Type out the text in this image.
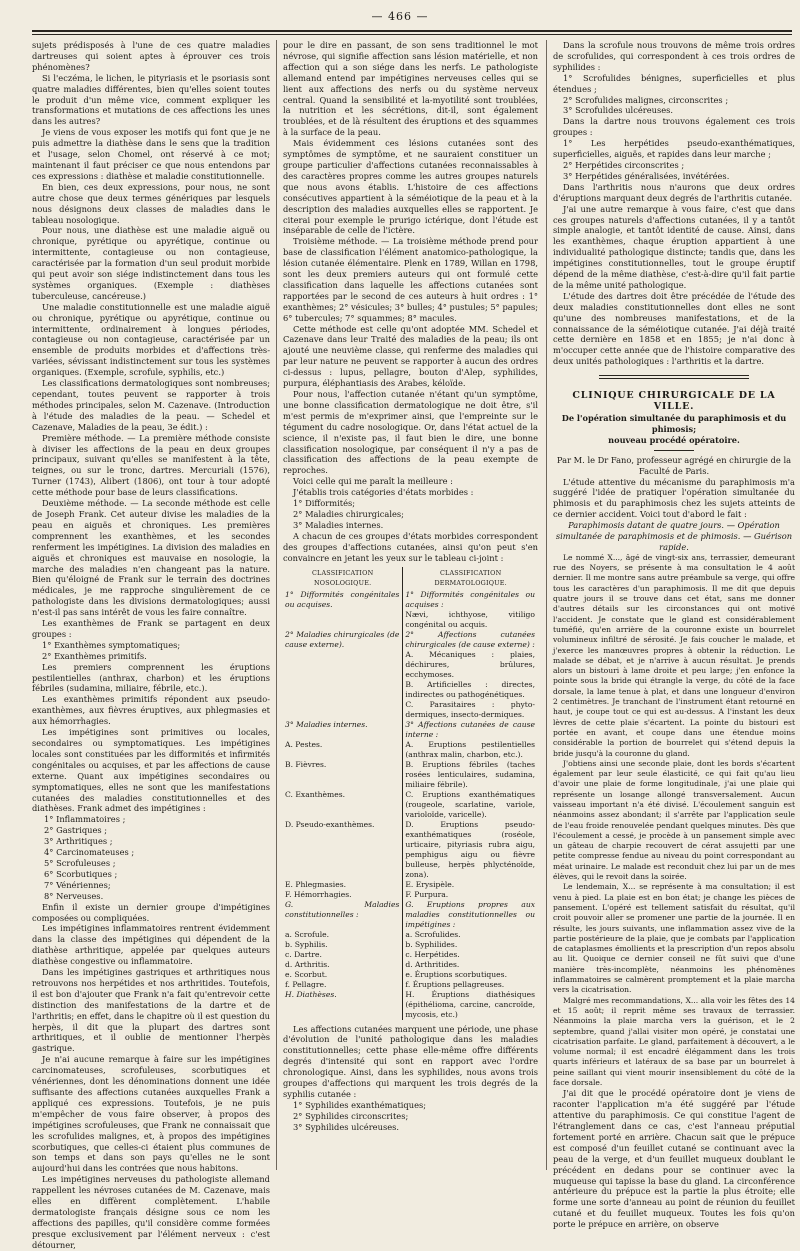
— 466 —

sujets prédisposés à l'une de ces quatre maladies dartreuses qui soient aptes à éprouver ces trois phénomènes?

Si l'eczéma, le lichen, le pityriasis et le psoriasis sont quatre maladies différentes, bien qu'elles soient toutes le produit d'un même vice, comment expliquer les transformations et mutations de ces affections les unes dans les autres?

Je viens de vous exposer les motifs qui font que je ne puis admettre la diathèse dans le sens que la tradition et l'usage, selon Chomel, ont réservé à ce mot; maintenant il faut préciser ce que nous entendons par ces expressions : diathèse et maladie constitutionnelle.

En bien, ces deux expressions, pour nous, ne sont autre chose que deux termes génériques par lesquels nous désignons deux classes de maladies dans le tableau nosologique.

Pour nous, une diathèse est une maladie aiguë ou chronique, pyrétique ou apyrétique, continue ou intermittente, contagieuse ou non contagieuse, caractérisée par la formation d'un seul produit morbide qui peut avoir son siége indistinctement dans tous les systèmes organiques. (Exemple : diathèses tuberculeuse, cancéreuse.)

Une maladie constitutionnelle est une maladie aiguë ou chronique, pyrétique ou apyrétique, continue ou intermittente, ordinairement à longues périodes, contagieuse ou non contagieuse, caractérisée par un ensemble de produits morbides et d'affections très-variées, sévissant indistinctement sur tous les systèmes organiques. (Exemple, scrofule, syphilis, etc.)

Les classifications dermatologiques sont nombreuses; cependant, toutes peuvent se rapporter à trois méthodes principales, selon M. Cazenave. (Introduction à l'étude des maladies de la peau. — Schedel et Cazenave, Maladies de la peau, 3e édit.) :

Première méthode. — La première méthode consiste à diviser les affections de la peau en deux groupes principaux, suivant qu'elles se manifestent à la tête, teignes, ou sur le tronc, dartres. Mercuriali (1576), Turner (1743), Alibert (1806), ont tour à tour adopté cette méthode pour base de leurs classifications.

Deuxième méthode. — La seconde méthode est celle de Joseph Frank. Cet auteur divise les maladies de la peau en aiguës et chroniques. Les premières comprennent les exanthèmes, et les secondes renferment les impétigines. La division des maladies en aiguës et chroniques est mauvaise en nosologie, la marche des maladies n'en changeant pas la nature. Bien qu'éloigné de Frank sur le terrain des doctrines médicales, je me rapproche singulièrement de ce pathologiste dans les divisions dermatologiques; aussi n'est-il pas sans intérêt de vous les faire connaître.

Les exanthèmes de Frank se partagent en deux groupes :

1° Exanthèmes symptomatiques;

2° Exanthèmes primitifs.

Les premiers comprennent les éruptions pestilentielles (anthrax, charbon) et les éruptions fébriles (sudamina, miliaire, fébrile, etc.).

Les exanthèmes primitifs répondent aux pseudo-exanthèmes, aux fièvres éruptives, aux phlegmasies et aux hémorrhagies.

Les impétigines sont primitives ou locales, secondaires ou symptomatiques. Les impétigines locales sont constituées par les difformités et infirmités congénitales ou acquises, et par les affections de cause externe. Quant aux impétigines secondaires ou symptomatiques, elles ne sont que les manifestations cutanées des maladies constitutionnelles et des diathèses. Frank admet des impétigines :

1° Inflammatoires ;

2° Gastriques ;

3° Arthritiques ;

4° Carcinomateuses ;

5° Scrofuleuses ;

6° Scorbutiques ;

7° Vénériennes;

8° Nerveuses.

Enfin il existe un dernier groupe d'impétigines composées ou compliquées.

Les impétigines inflammatoires rentrent évidemment dans la classe des impétigines qui dépendent de la diathèse arthritique, appelée par quelques auteurs diathèse congestive ou inflammatoire.

Dans les impétigines gastriques et arthritiques nous retrouvons nos herpétides et nos arthritides. Toutefois, il est bon d'ajouter que Frank n'a fait qu'entrevoir cette distinction des manifestations de la dartre et de l'arthritis; en effet, dans le chapitre où il est question du herpès, il dit que la plupart des dartres sont arthritiques, et il oublie de mentionner l'herpès gastrique.

Je n'ai aucune remarque à faire sur les impétigines carcinomateuses, scrofuleuses, scorbutiques et vénériennes, dont les dénominations donnent une idée suffisante des affections cutanées auxquelles Frank a appliqué ces expressions. Toutefois, je ne puis m'empêcher de vous faire observer, à propos des impétigines scrofuleuses, que Frank ne connaissait que les scrofulides malignes, et, à propos des impétigines scorbutiques, que celles-ci étaient plus communes de son temps et dans son pays qu'elles ne le sont aujourd'hui dans les contrées que nous habitons.

Les impétigines nerveuses du pathologiste allemand rappellent les névroses cutanées de M. Cazenave, mais elles en diffèrent complètement. L'habile dermatologiste français désigne sous ce nom les affections des papilles, qu'il considère comme formées presque exclusivement par l'élément nerveux : c'est détourner,

pour le dire en passant, de son sens traditionnel le mot névrose, qui signifie affection sans lésion matérielle, et non affection qui a son siége dans les nerfs. Le pathologiste allemand entend par impétigines nerveuses celles qui se lient aux affections des nerfs ou du système nerveux central. Quand la sensibilité et la-myotilité sont troublées, la nutrition et les sécrétions, dit-il, sont également troublées, et de là résultent des éruptions et des squammes à la surface de la peau.

Mais évidemment ces lésions cutanées sont des symptômes de symptôme, et ne sauraient constituer un groupe particulier d'affections cutanées reconnaissables à des caractères propres comme les autres groupes naturels que nous avons établis. L'histoire de ces affections consécutives appartient à la séméiotique de la peau et à la description des maladies auxquelles elles se rapportent. Je citerai pour exemple le prurigo ictérique, dont l'étude est inséparable de celle de l'ictère.

Troisième méthode. — La troisième méthode prend pour base de classification l'élément anatomico-pathologique, la lésion cutanée élémentaire. Plenk en 1789, Willan en 1798, sont les deux premiers auteurs qui ont formulé cette classification dans laquelle les affections cutanées sont rapportées par le second de ces auteurs à huit ordres : 1° exanthèmes; 2° vésicules; 3° bulles; 4° pustules; 5° papules; 6° tubercules; 7° squammes; 8° macules.

Cette méthode est celle qu'ont adoptée MM. Schedel et Cazenave dans leur Traité des maladies de la peau; ils ont ajouté une neuvième classe, qui renferme des maladies qui par leur nature ne peuvent se rapporter à aucun des ordres ci-dessus : lupus, pellagre, bouton d'Alep, syphilides, purpura, éléphantiasis des Arabes, kéloïde.

Pour nous, l'affection cutanée n'étant qu'un symptôme, une bonne classification dermatologique ne doit être, s'il m'est permis de m'exprimer ainsi, que l'empreinte sur le tégument du cadre nosologique. Or, dans l'état actuel de la science, il n'existe pas, il faut bien le dire, une bonne classification nosologique, par conséquent il n'y a pas de classification des affections de la peau exempte de reproches.

Voici celle qui me paraît la meilleure :

J'établis trois catégories d'états morbides :

1° Difformités;

2° Maladies chirurgicales;

3° Maladies internes.

A chacun de ces groupes d'états morbides correspondent des groupes d'affections cutanées, ainsi qu'on peut s'en convaincre en jetant les yeux sur le tableau ci-joint :

CLASSIFICATION NOSOLOGIQUE.	CLASSIFICATION DERMATOLOGIQUE.
1° Difformités congénitales ou acquises.	1° Difformités congénitales ou acquises :
Nævi, ichthyose, vitiligo congénital ou acquis.

2° Maladies chirurgicales (de cause externe).	2° Affections cutanées chirurgicales (de cause externe) :
A. Mécaniques : plaies, déchirures, brûlures, ecchymoses.
B. Artificielles : directes, indirectes ou pathogénétiques.
C. Parasitaires : phyto-dermiques, insecto-dermiques.

3° Maladies internes.	3° Affections cutanées de cause interne :
A. Pestes.	A. Eruptions pestilentielles (anthrax malin, charbon, etc.).
B. Fièvres.	B. Eruptions fébriles (taches rosées lenticulaires, sudamina, miliaire fébrile).
C. Exanthèmes.	C. Eruptions exanthématiques (rougeole, scarlatine, variole, varioloïde, varicelle).
D. Pseudo-exanthèmes.	D. Eruptions pseudo-exanthématiques (roséole, urticaire, pityriasis rubra aigu, pemphigus aigu ou fièvre bulleuse, herpès phlycténoïde, zona).
E. Phlegmasies.	E. Erysipèle.
F. Hémorrhagies.	F. Purpura.
G. Maladies constitutionnelles :	G. Eruptions propres aux maladies constitutionnelles ou impétigines :
a. Scrofule.	a. Scrofulides.
b. Syphilis.	b. Syphilides.
c. Dartre.	c. Herpétides.
d. Arthritis.	d. Arthritides.
e. Scorbut.	e. Éruptions scorbutiques.
f. Pellagre.	f. Éruptions pellagreuses.
H. Diathèses.	H. Éruptions diathésiques (épithélioma, carcine, cancroïde, mycosis, etc.)

Les affections cutanées marquent une période, une phase d'évolution de l'unité pathologique dans les maladies constitutionnelles; cette phase elle-même offre différents degrés d'intensité qui sont en rapport avec l'ordre chronologique. Ainsi, dans les syphilides, nous avons trois groupes d'affections qui marquent les trois degrés de la syphilis cutanée :

1° Syphilides exanthématiques;

2° Syphilides circonscrites;

3° Syphilides ulcéreuses.

Dans la scrofule nous trouvons de même trois ordres de scrofulides, qui correspondent à ces trois ordres de syphilides :

1° Scrofulides bénignes, superficielles et plus étendues ;

2° Scrofulides malignes, circonscrites ;

3° Scrofulides ulcéreuses.

Dans la dartre nous trouvons également ces trois groupes :

1° Les herpétides pseudo-exanthématiques, superficielles, aiguës, et rapides dans leur marche ;

2° Herpétides circonscrites ;

3° Herpétides généralisées, invétérées.

Dans l'arthritis nous n'aurons que deux ordres d'éruptions marquant deux degrés de l'arthritis cutanée.

J'ai une autre remarque à vous faire, c'est que dans ces groupes naturels d'affections cutanées, il y a tantôt simple analogie, et tantôt identité de cause. Ainsi, dans les exanthèmes, chaque éruption appartient à une individualité pathologique distincte; tandis que, dans les impétigines constitutionnelles, tout le groupe éruptif dépend de la même diathèse, c'est-à-dire qu'il fait partie de la même unité pathologique.

L'étude des dartres doit être précédée de l'étude des deux maladies constitutionnelles dont elles ne sont qu'une des nombreuses manifestations, et de la connaissance de la séméiotique cutanée. J'ai déjà traité cette dernière en 1858 et en 1855; je n'ai donc à m'occuper cette année que de l'histoire comparative des deux unités pathologiques : l'arthritis et la dartre.

CLINIQUE CHIRURGICALE DE LA VILLE.
De l'opération simultanée du paraphimosis et du phimosis;
nouveau procédé opératoire.

Par M. le Dr Fano, professeur agrégé en chirurgie de la Faculté de Paris.

L'étude attentive du mécanisme du paraphimosis m'a suggéré l'idée de pratiquer l'opération simultanée du phimosis et du paraphimosis chez les sujets atteints de ce dernier accident. Voici tout d'abord le fait :

Paraphimosis datant de quatre jours. — Opération simultanée de paraphimosis et de phimosis. — Guérison rapide.

Le nommé X..., âgé de vingt-six ans, terrassier, demeurant rue des Noyers, se présente à ma consultation le 4 août dernier. Il me montre sans autre préambule sa verge, qui offre tous les caractères d'un paraphimosis. Il me dit que depuis quatre jours il se trouve dans cet état, sans me donner d'autres détails sur les circonstances qui ont motivé l'accident. Je constate que le gland est considérablement tuméfié, qu'en arrière de la couronne existe un bourrelet volumineux infiltré de sérosité. Je fais coucher le malade, et j'exerce les manœuvres propres à obtenir la réduction. Le malade se débat, et je n'arrive à aucun résultat. Je prends alors un bistouri à lame droite et peu large; j'en enfonce la pointe sous la bride qui étrangle la verge, du côté de la face dorsale, la lame tenue à plat, et dans une longueur d'environ 2 centimètres. Je tranchant de l'instrument étant retourné en haut, je coupe tout ce qui est au-dessus. A l'instant les deux lèvres de cette plaie s'écartent. La pointe du bistouri est portée en avant, et coupe dans une étendue moins considérable la portion de bourrelet qui s'étend depuis la bride jusqu'à la couronne du gland.

J'obtiens ainsi une seconde plaie, dont les bords s'écartent également par leur seule élasticité, ce qui fait qu'au lieu d'avoir une plaie de forme longitudinale, j'ai une plaie qui représente un losange allongé transversalement. Aucun vaisseau important n'a été divisé. L'écoulement sanguin est néanmoins assez abondant; il s'arrête par l'application seule de l'eau froide renouvelée pendant quelques minutes. Dès que l'écoulement a cessé, je procède à un pansement simple avec un gâteau de charpie recouvert de cérat assujetti par une petite compresse fendue au niveau du point correspondant au méat urinaire. Le malade est reconduit chez lui par un de mes élèves, qui le revoit dans la soirée.

Le lendemain, X... se représente à ma consultation; il est venu à pied. La plaie est en bon état; je change les pièces de pansement. L'opéré est tellement satisfait du résultat, qu'il croit pouvoir aller se promener une partie de la journée. Il en résulte, les jours suivants, une inflammation assez vive de la partie postérieure de la plaie, que je combats par l'application de cataplasmes émollients et la prescription d'un repos absolu au lit. Quoique ce dernier conseil ne fût suivi que d'une manière très-incomplète, néanmoins les phénomènes inflammatoires se calmèrent promptement et la plaie marcha vers la cicatrisation.

Malgré mes recommandations, X... alla voir les fêtes des 14 et 15 août; il reprit même ses travaux de terrassier. Néanmoins la plaie marcha vers la guérison, et le 2 septembre, quand j'allai visiter mon opéré, je constatai une cicatrisation parfaite. Le gland, parfaitement à découvert, a le volume normal; il est encadré élégamment dans les trois quarts inférieurs et latéraux de sa base par un bourrelet à peine saillant qui vient mourir insensiblement du côté de la face dorsale.

J'ai dit que le procédé opératoire dont je viens de raconter l'application m'a été suggéré par l'étude attentive du paraphimosis. Ce qui constitue l'agent de l'étranglement dans ce cas, c'est l'anneau préputial fortement porté en arrière. Chacun sait que le prépuce est composé d'un feuillet cutané se continuant avec la peau de la verge, et d'un feuillet muqueux doublant le précédent en dedans pour se continuer avec la muqueuse qui tapisse la base du gland. La circonférence antérieure du prépuce est la partie la plus étroite; elle forme une sorte d'anneau au point de réunion du feuillet cutané et du feuillet muqueux. Toutes les fois qu'on porte le prépuce en arrière, on observe
